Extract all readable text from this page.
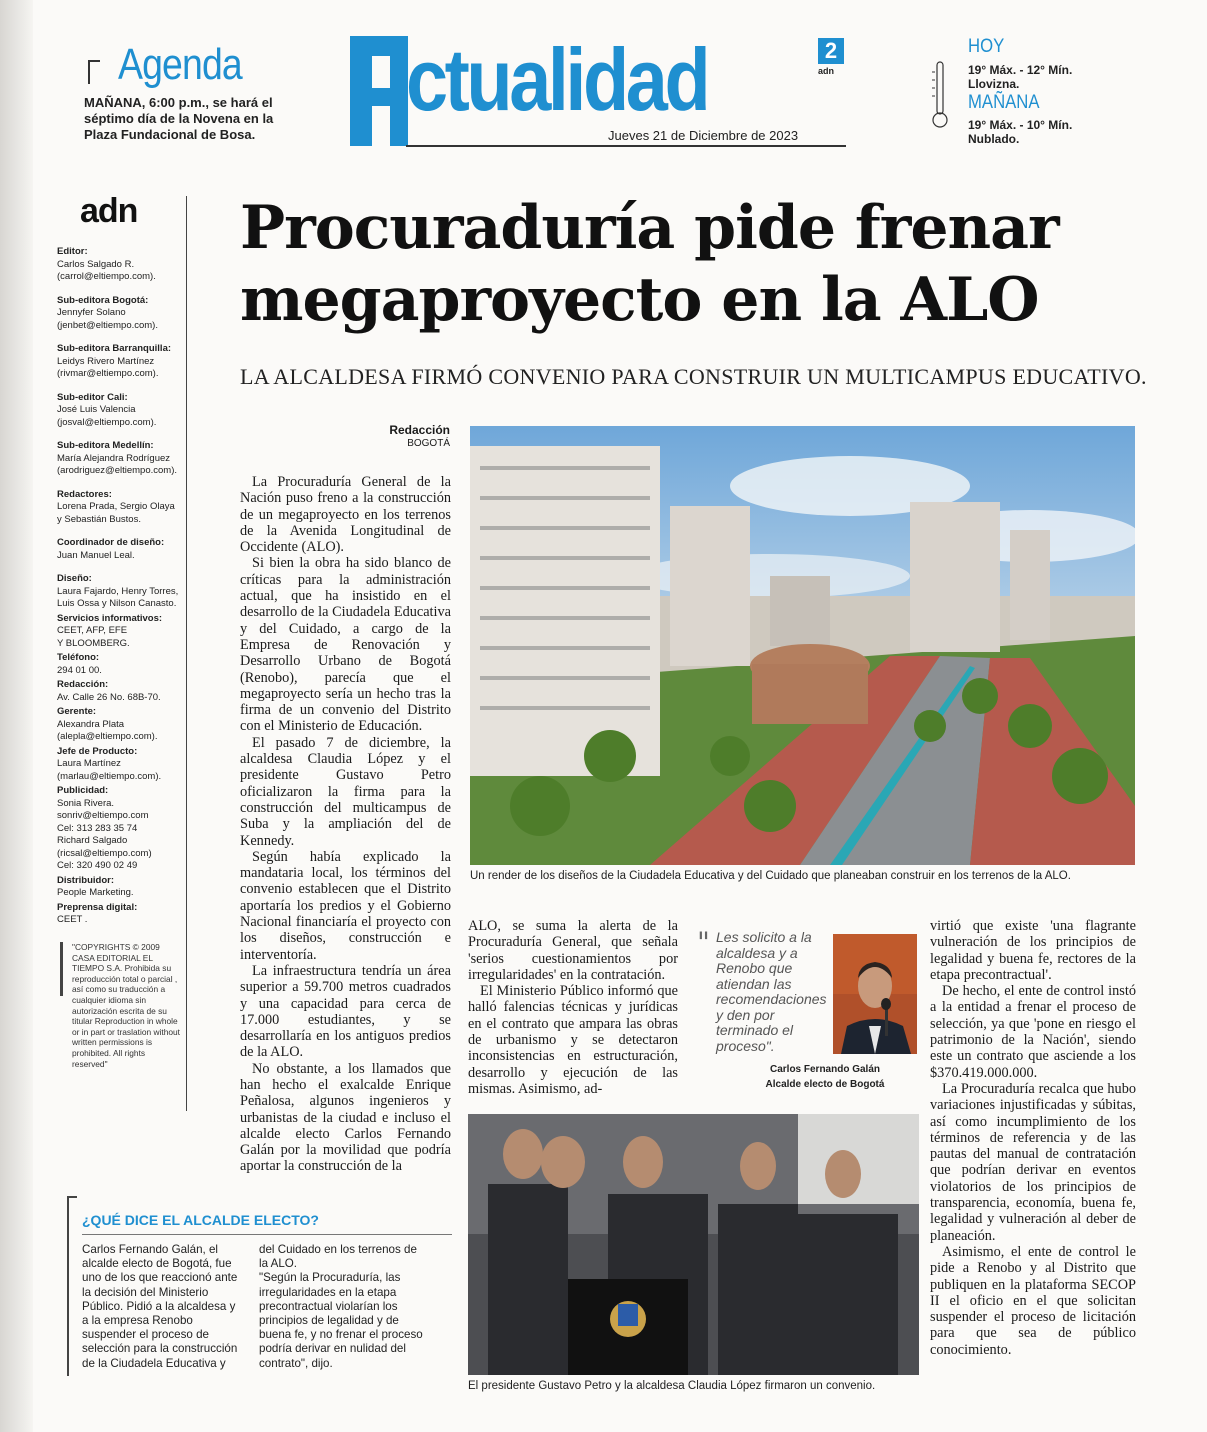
Agenda
MAÑANA, 6:00 p.m., se hará el séptimo día de la Novena en la Plaza Fundacional de Bosa.
ctualidad	2
adn
Jueves 21 de Diciembre de 2023
HOY
19° Máx. - 12° Mín.
Llovizna.
MAÑANA
19° Máx. - 10° Mín.
Nublado.
adn
Editor:
Carlos Salgado R.
(carrol@eltiempo.com).
Sub-editora Bogotá:
Jennyfer Solano
(jenbet@eltiempo.com).
Sub-editora Barranquilla:
Leidys Rivero Martínez
(rivmar@eltiempo.com).
Sub-editor Cali:
José Luis Valencia
(josval@eltiempo.com).
Sub-editora Medellín:
María Alejandra Rodríguez
(arodriguez@eltiempo.com).
Redactores:
Lorena Prada, Sergio Olaya
y Sebastián Bustos.
Coordinador de diseño:
Juan Manuel Leal.
Diseño:
Laura Fajardo, Henry Torres,
Luis Ossa y Nilson Canasto.
Servicios informativos:
CEET, AFP, EFE
Y BLOOMBERG.
Teléfono:
294 01 00.
Redacción:
Av. Calle 26 No. 68B-70.
Gerente:
Alexandra Plata
(alepla@eltiempo.com).
Jefe de Producto:
Laura Martínez
(marlau@eltiempo.com).
Publicidad:
Sonia Rivera.
sonriv@eltiempo.com
Cel: 313 283 35 74
Richard Salgado
(ricsal@eltiempo.com)
Cel: 320 490 02 49
Distribuidor:
People Marketing.
Preprensa digital:
CEET .
"COPYRIGHTS © 2009 CASA EDITORIAL EL TIEMPO S.A. Prohibida su reproducción total o parcial , así como su traducción a cualquier idioma sin autorización escrita de su titular Reproduction in whole or in part or traslation without written permissions is prohibited. All rights reserved"
Procuraduría pide frenar megaproyecto en la ALO
LA ALCALDESA FIRMÓ CONVENIO PARA CONSTRUIR UN MULTICAMPUS EDUCATIVO.
Redacción
BOGOTÁ

La Procuraduría General de la Nación puso freno a la construcción de un megaproyecto en los terrenos de la Avenida Longitudinal de Occidente (ALO).

Si bien la obra ha sido blanco de críticas para la administración actual, que ha insistido en el desarrollo de la Ciudadela Educativa y del Cuidado, a cargo de la Empresa de Renovación y Desarrollo Urbano de Bogotá (Renobo), parecía que el megaproyecto sería un hecho tras la firma de un convenio del Distrito con el Ministerio de Educación.

El pasado 7 de diciembre, la alcaldesa Claudia López y el presidente Gustavo Petro oficializaron la firma para la construcción del multicampus de Suba y la ampliación del de Kennedy.

Según había explicado la mandataria local, los términos del convenio establecen que el Distrito aportaría los predios y el Gobierno Nacional financiaría el proyecto con los diseños, construcción e interventoría.

La infraestructura tendría un área superior a 59.700 metros cuadrados y una capacidad para cerca de 17.000 estudiantes, y se desarrollaría en los antiguos predios de la ALO.

No obstante, a los llamados que han hecho el exalcalde Enrique Peñalosa, algunos ingenieros y urbanistas de la ciudad e incluso el alcalde electo Carlos Fernando Galán por la movilidad que podría aportar la construcción de la

Un render de los diseños de la Ciudadela Educativa y del Cuidado que planeaban construir en los terrenos de la ALO.

ALO, se suma la alerta de la Procuraduría General, que señala 'serios cuestionamientos por irregularidades' en la contratación.

El Ministerio Público informó que halló falencias técnicas y jurídicas en el contrato que ampara las obras de urbanismo y se detectaron inconsistencias en estructuración, desarrollo y ejecución de las mismas. Asimismo, ad-

" Les solicito a la alcaldesa y a Renobo que atiendan las recomendaciones y den por terminado el proceso".
Carlos Fernando Galán
Alcalde electo de Bogotá

virtió que existe 'una flagrante vulneración de los principios de legalidad y buena fe, rectores de la etapa precontractual'.

De hecho, el ente de control instó a la entidad a frenar el proceso de selección, ya que 'pone en riesgo el patrimonio de la Nación', siendo este un contrato que asciende a los $370.419.000.000.

La Procuraduría recalca que hubo variaciones injustificadas y súbitas, así como incumplimiento de los términos de referencia y de las pautas del manual de contratación que podrían derivar en eventos violatorios de los principios de transparencia, economía, buena fe, legalidad y vulneración al deber de planeación.

Asimismo, el ente de control le pide a Renobo y al Distrito que publiquen en la plataforma SECOP II el oficio en el que solicitan suspender el proceso de licitación para que sea de público conocimiento.

El presidente Gustavo Petro y la alcaldesa Claudia López firmaron un convenio.
¿QUÉ DICE EL ALCALDE ELECTO?

Carlos Fernando Galán, el alcalde electo de Bogotá, fue uno de los que reaccionó ante la decisión del Ministerio Público. Pidió a la alcaldesa y a la empresa Renobo suspender el proceso de selección para la construcción de la Ciudadela Educativa y

del Cuidado en los terrenos de la ALO.

"Según la Procuraduría, las irregularidades en la etapa precontractual violarían los principios de legalidad y de buena fe, y no frenar el proceso podría derivar en nulidad del contrato", dijo.
